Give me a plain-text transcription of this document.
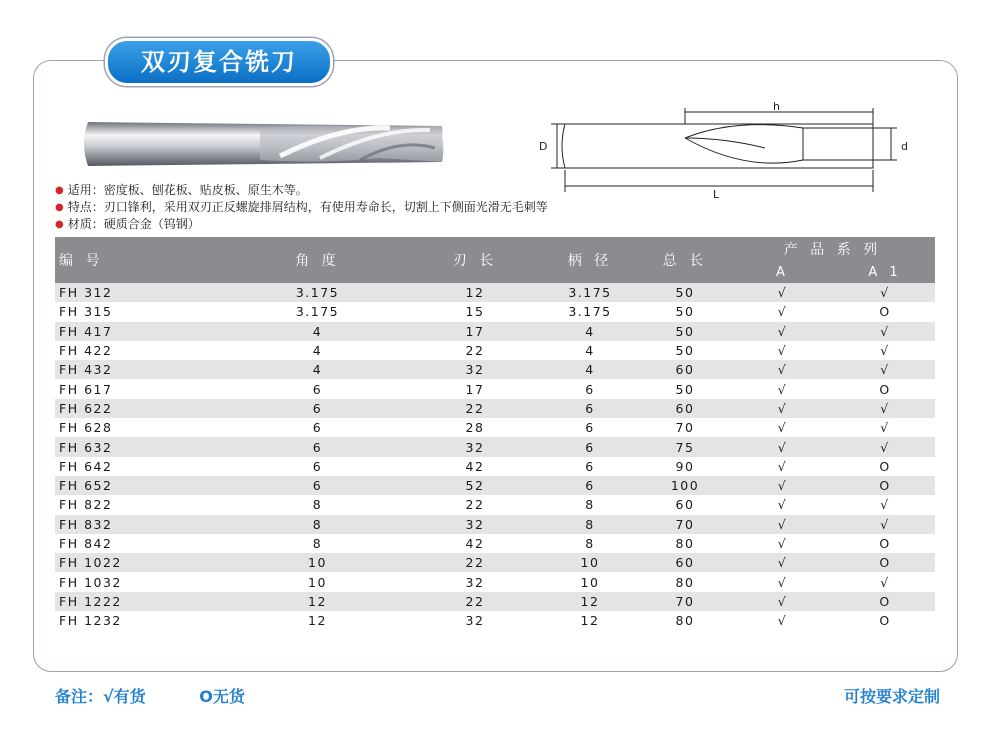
双刃复合铣刀
h
D	d
L
● 适用：密度板、刨花板、贴皮板、原生木等。
● 特点：刃口锋利，采用双刃正反螺旋排屑结构，有使用寿命长，切割上下侧面光滑无毛刺等
● 材质：硬质合金（钨钢）
编 号	角 度	刃 长	柄 径	总 长	产 品 系 列	
					A	A 1
FH 312	3.175	12	3.175	50	√	√
FH 315	3.175	15	3.175	50	√	O
FH 417	4	17	4	50	√	√
FH 422	4	22	4	50	√	√
FH 432	4	32	4	60	√	√
FH 617	6	17	6	50	√	O
FH 622	6	22	6	60	√	√
FH 628	6	28	6	70	√	√
FH 632	6	32	6	75	√	√
FH 642	6	42	6	90	√	O
FH 652	6	52	6	100	√	O
FH 822	8	22	8	60	√	√
FH 832	8	32	8	70	√	√
FH 842	8	42	8	80	√	O
FH 1022	10	22	10	60	√	O
FH 1032	10	32	10	80	√	√
FH 1222	12	22	12	70	√	O
FH 1232	12	32	12	80	√	O
备注：√有货	O无货	可按要求定制
